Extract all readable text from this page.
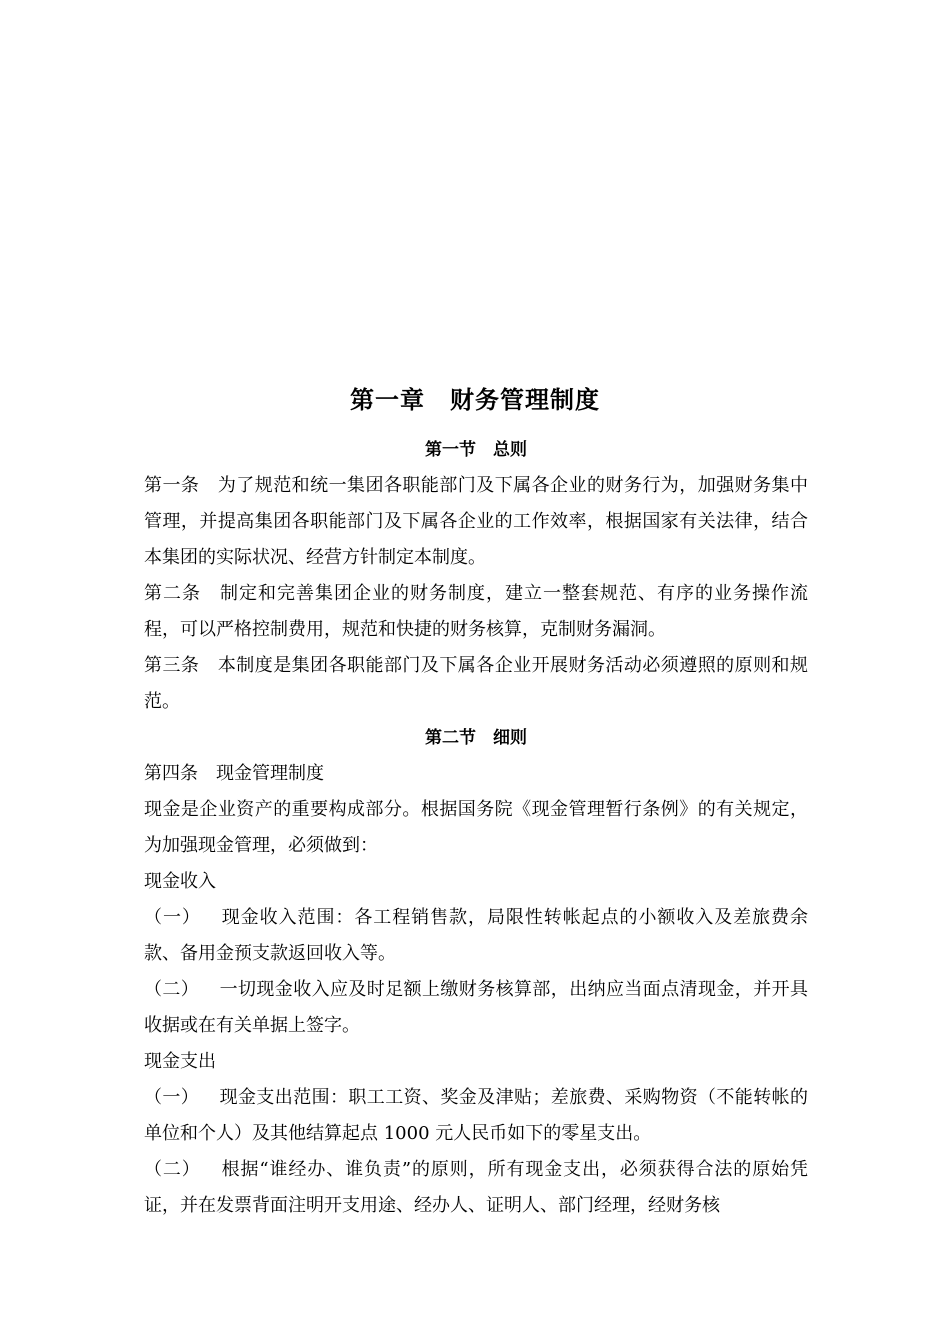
第一章　财务管理制度

第一节　总则

第一条 为了规范和统一集团各职能部门及下属各企业的财务行为，加强财务集中管理，并提高集团各职能部门及下属各企业的工作效率，根据国家有关法律，结合本集团的实际状况、经营方针制定本制度。

第二条 制定和完善集团企业的财务制度，建立一整套规范、有序的业务操作流程，可以严格控制费用，规范和快捷的财务核算，克制财务漏洞。

第三条 本制度是集团各职能部门及下属各企业开展财务活动必须遵照的原则和规范。

第二节　细则

第四条 现金管理制度

现金是企业资产的重要构成部分。根据国务院《现金管理暂行条例》的有关规定，为加强现金管理，必须做到：

现金收入

（一） 现金收入范围：各工程销售款，局限性转帐起点的小额收入及差旅费余款、备用金预支款返回收入等。

（二） 一切现金收入应及时足额上缴财务核算部，出纳应当面点清现金，并开具收据或在有关单据上签字。

现金支出

（一） 现金支出范围：职工工资、奖金及津贴；差旅费、采购物资（不能转帐的单位和个人）及其他结算起点 1000 元人民币如下的零星支出。

（二） 根据“谁经办、谁负责”的原则，所有现金支出，必须获得合法的原始凭证，并在发票背面注明开支用途、经办人、证明人、部门经理，经财务核
